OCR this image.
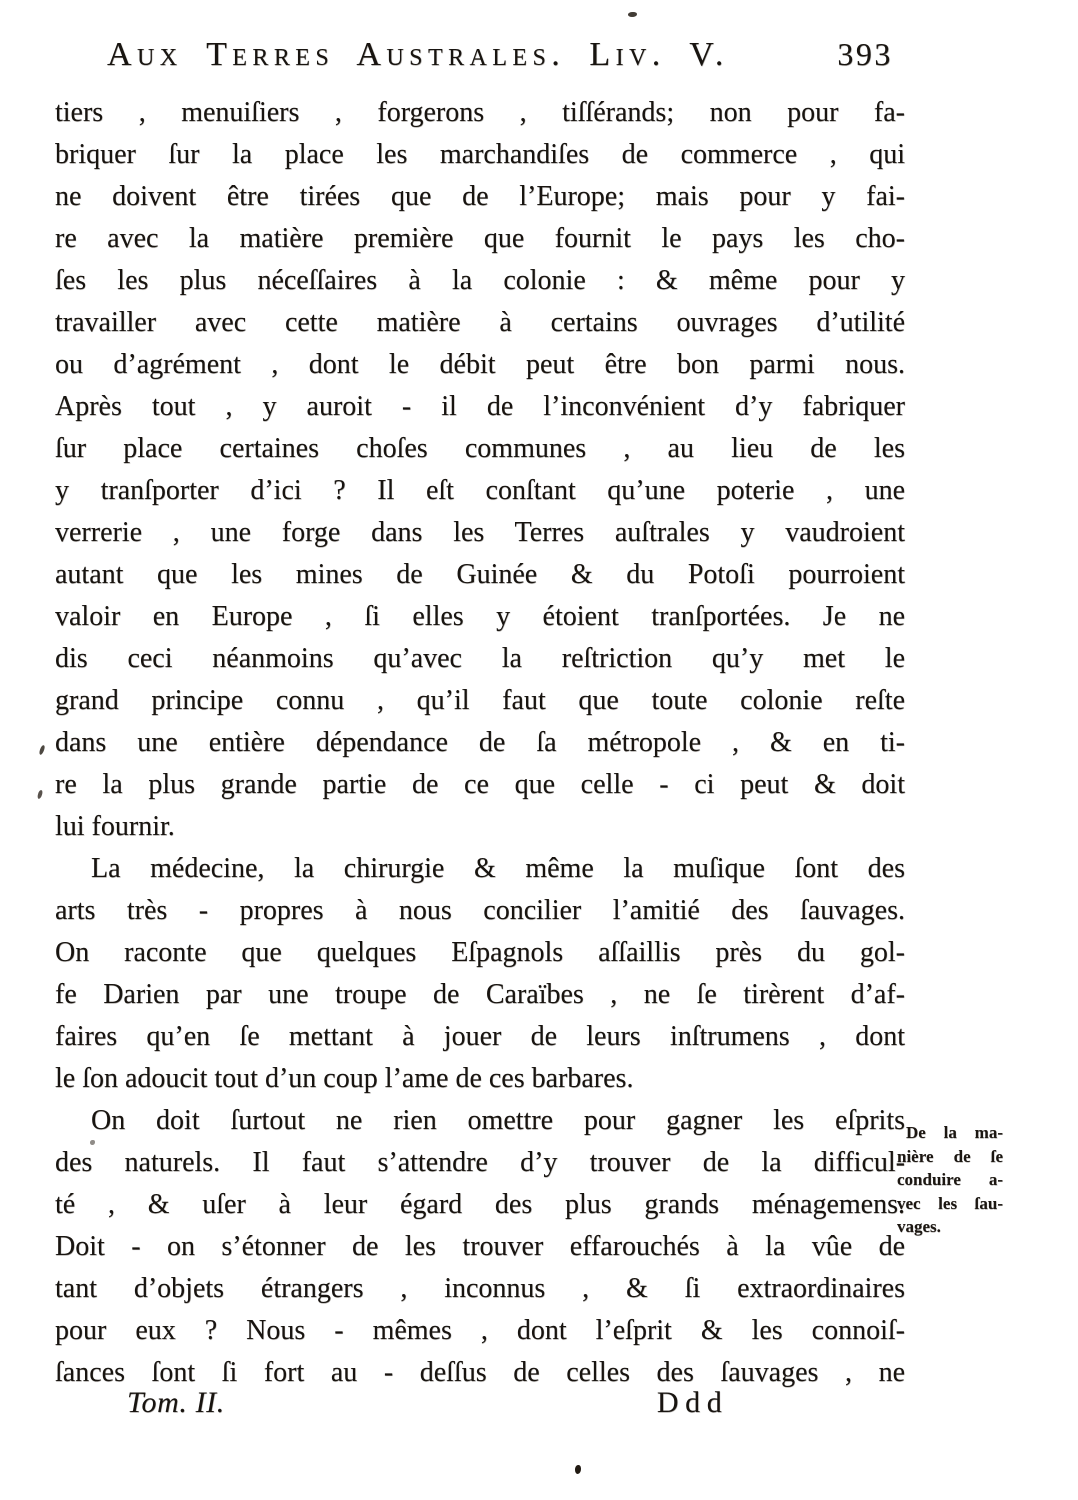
Aux Terres Australes. Liv. V.	393
tiers , menuiſiers , forgerons , tiſſérands; non pour fa-
briquer ſur la place les marchandiſes de commerce , qui
ne doivent être tirées que de l’Europe; mais pour y fai-
re avec la matière première que fournit le pays les cho-
ſes les plus néceſſaires à la colonie : & même pour y
travailler avec cette matière à certains ouvrages d’utilité
ou d’agrément , dont le débit peut être bon parmi nous.
Après tout , y auroit - il de l’inconvénient d’y fabriquer
ſur place certaines choſes communes , au lieu de les
y tranſporter d’ici ? Il eſt conſtant qu’une poterie , une
verrerie , une forge dans les Terres auſtrales y vaudroient
autant que les mines de Guinée & du Potoſi pourroient
valoir en Europe , ſi elles y étoient tranſportées. Je ne
dis ceci néanmoins qu’avec la reſtriction qu’y met le
grand principe connu , qu’il faut que toute colonie reſte
dans une entière dépendance de ſa métropole , & en ti-
re la plus grande partie de ce que celle - ci peut & doit
lui fournir.
La médecine, la chirurgie & même la muſique ſont des
arts très - propres à nous concilier l’amitié des ſauvages.
On raconte que quelques Eſpagnols aſſaillis près du gol-
fe Darien par une troupe de Caraïbes , ne ſe tirèrent d’af-
faires qu’en ſe mettant à jouer de leurs inſtrumens , dont
le ſon adoucit tout d’un coup l’ame de ces barbares.
On doit ſurtout ne rien omettre pour gagner les eſprits
des naturels. Il faut s’attendre d’y trouver de la difficul-
té , & uſer à leur égard des plus grands ménagemens.
Doit - on s’étonner de les trouver effarouchés à la vûe de
tant d’objets étrangers , inconnus , & ſi extraordinaires
pour eux ? Nous - mêmes , dont l’eſprit & les connoiſ-
ſances ſont ſi fort au - deſſus de celles des ſauvages , ne
De la ma-
nière de ſe
conduire a-
vec les ſau-
vages.
Tom. II.	Ddd
